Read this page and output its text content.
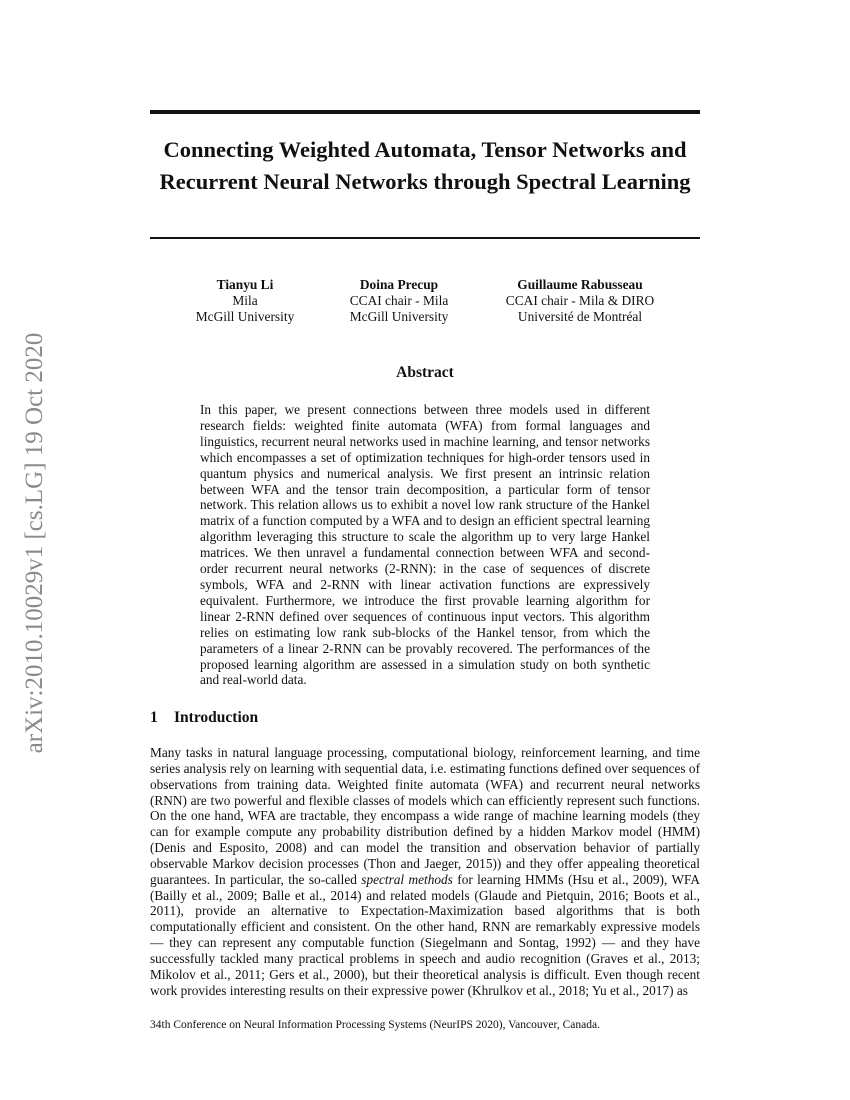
Connecting Weighted Automata, Tensor Networks and Recurrent Neural Networks through Spectral Learning
Tianyu Li
Mila
McGill University
Doina Precup
CCAI chair - Mila
McGill University
Guillaume Rabusseau
CCAI chair - Mila & DIRO
Université de Montréal
Abstract

In this paper, we present connections between three models used in different research fields: weighted finite automata (WFA) from formal languages and linguistics, recurrent neural networks used in machine learning, and tensor networks which encompasses a set of optimization techniques for high-order tensors used in quantum physics and numerical analysis. We first present an intrinsic relation between WFA and the tensor train decomposition, a particular form of tensor network. This relation allows us to exhibit a novel low rank structure of the Hankel matrix of a function computed by a WFA and to design an efficient spectral learning algorithm leveraging this structure to scale the algorithm up to very large Hankel matrices. We then unravel a fundamental connection between WFA and second-order recurrent neural networks (2-RNN): in the case of sequences of discrete symbols, WFA and 2-RNN with linear activation functions are expressively equivalent. Furthermore, we introduce the first provable learning algorithm for linear 2-RNN defined over sequences of continuous input vectors. This algorithm relies on estimating low rank sub-blocks of the Hankel tensor, from which the parameters of a linear 2-RNN can be provably recovered. The performances of the proposed learning algorithm are assessed in a simulation study on both synthetic and real-world data.

1 Introduction

Many tasks in natural language processing, computational biology, reinforcement learning, and time series analysis rely on learning with sequential data, i.e. estimating functions defined over sequences of observations from training data. Weighted finite automata (WFA) and recurrent neural networks (RNN) are two powerful and flexible classes of models which can efficiently represent such functions. On the one hand, WFA are tractable, they encompass a wide range of machine learning models (they can for example compute any probability distribution defined by a hidden Markov model (HMM) (Denis and Esposito, 2008) and can model the transition and observation behavior of partially observable Markov decision processes (Thon and Jaeger, 2015)) and they offer appealing theoretical guarantees. In particular, the so-called spectral methods for learning HMMs (Hsu et al., 2009), WFA (Bailly et al., 2009; Balle et al., 2014) and related models (Glaude and Pietquin, 2016; Boots et al., 2011), provide an alternative to Expectation-Maximization based algorithms that is both computationally efficient and consistent. On the other hand, RNN are remarkably expressive models — they can represent any computable function (Siegelmann and Sontag, 1992) — and they have successfully tackled many practical problems in speech and audio recognition (Graves et al., 2013; Mikolov et al., 2011; Gers et al., 2000), but their theoretical analysis is difficult. Even though recent work provides interesting results on their expressive power (Khrulkov et al., 2018; Yu et al., 2017) as

34th Conference on Neural Information Processing Systems (NeurIPS 2020), Vancouver, Canada.

arXiv:2010.10029v1 [cs.LG] 19 Oct 2020
